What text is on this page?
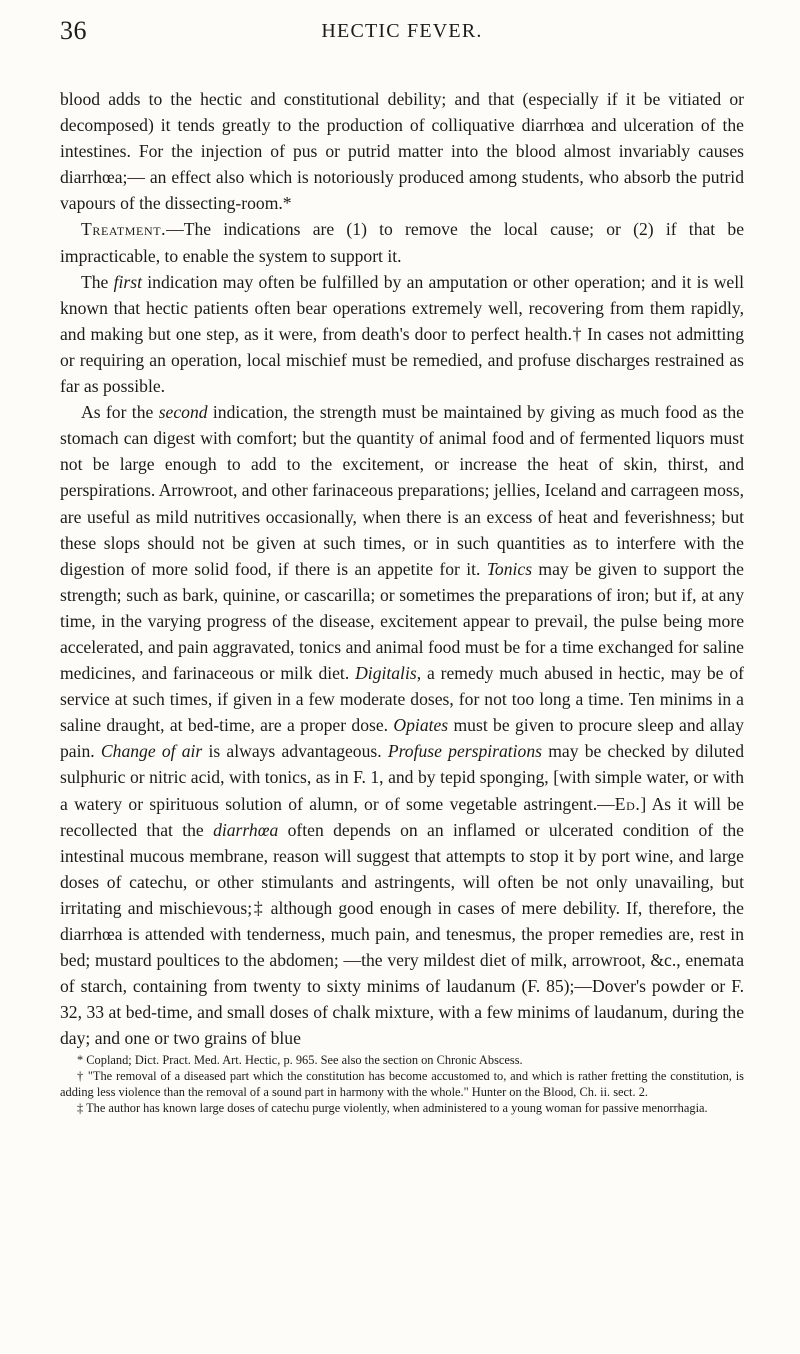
36	HECTIC FEVER.

blood adds to the hectic and constitutional debility; and that (especially if it be vitiated or decomposed) it tends greatly to the production of colliquative diarrhœa and ulceration of the intestines. For the injection of pus or putrid matter into the blood almost invariably causes diarrhœa;— an effect also which is notoriously produced among students, who absorb the putrid vapours of the dissecting-room.*

Treatment.—The indications are (1) to remove the local cause; or (2) if that be impracticable, to enable the system to support it.

The first indication may often be fulfilled by an amputation or other operation; and it is well known that hectic patients often bear operations extremely well, recovering from them rapidly, and making but one step, as it were, from death's door to perfect health.† In cases not admitting or requiring an operation, local mischief must be remedied, and profuse discharges restrained as far as possible.

As for the second indication, the strength must be maintained by giving as much food as the stomach can digest with comfort; but the quantity of animal food and of fermented liquors must not be large enough to add to the excitement, or increase the heat of skin, thirst, and perspirations. Arrowroot, and other farinaceous preparations; jellies, Iceland and carrageen moss, are useful as mild nutritives occasionally, when there is an excess of heat and feverishness; but these slops should not be given at such times, or in such quantities as to interfere with the digestion of more solid food, if there is an appetite for it. Tonics may be given to support the strength; such as bark, quinine, or cascarilla; or sometimes the preparations of iron; but if, at any time, in the varying progress of the disease, excitement appear to prevail, the pulse being more accelerated, and pain aggravated, tonics and animal food must be for a time exchanged for saline medicines, and farinaceous or milk diet. Digitalis, a remedy much abused in hectic, may be of service at such times, if given in a few moderate doses, for not too long a time. Ten minims in a saline draught, at bed-time, are a proper dose. Opiates must be given to procure sleep and allay pain. Change of air is always advantageous. Profuse perspirations may be checked by diluted sulphuric or nitric acid, with tonics, as in F. 1, and by tepid sponging, [with simple water, or with a watery or spirituous solution of alumn, or of some vegetable astringent.—Ed.] As it will be recollected that the diarrhœa often depends on an inflamed or ulcerated condition of the intestinal mucous membrane, reason will suggest that attempts to stop it by port wine, and large doses of catechu, or other stimulants and astringents, will often be not only unavailing, but irritating and mischievous;‡ although good enough in cases of mere debility. If, therefore, the diarrhœa is attended with tenderness, much pain, and tenesmus, the proper remedies are, rest in bed; mustard poultices to the abdomen; —the very mildest diet of milk, arrowroot, &c., enemata of starch, containing from twenty to sixty minims of laudanum (F. 85);—Dover's powder or F. 32, 33 at bed-time, and small doses of chalk mixture, with a few minims of laudanum, during the day; and one or two grains of blue

* Copland; Dict. Pract. Med. Art. Hectic, p. 965. See also the section on Chronic Abscess.

† "The removal of a diseased part which the constitution has become accustomed to, and which is rather fretting the constitution, is adding less violence than the removal of a sound part in harmony with the whole." Hunter on the Blood, Ch. ii. sect. 2.

‡ The author has known large doses of catechu purge violently, when administered to a young woman for passive menorrhagia.
